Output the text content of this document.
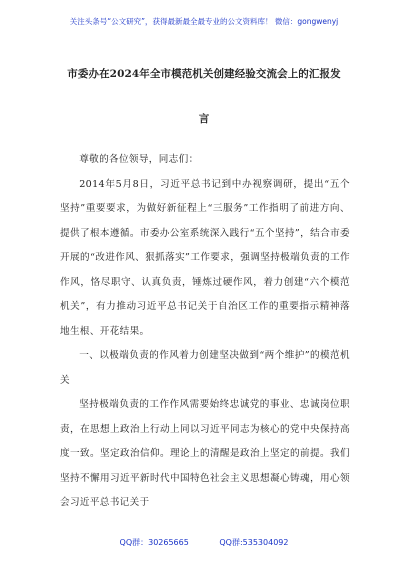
关注头条号“公文研究”，获得最新最全最专业的公文资料库！ 微信：gongwenyj
市委办在2024年全市模范机关创建经验交流会上的汇报发
言

尊敬的各位领导，同志们：

2014年5月8日，习近平总书记到中办视察调研，提出“五个坚持”重要要求，为做好新征程上“三服务”工作指明了前进方向、提供了根本遵循。市委办公室系统深入践行“五个坚持”，结合市委开展的“改进作风、狠抓落实”工作要求，强调坚持极端负责的工作作风，恪尽职守、认真负责，锤炼过硬作风，着力创建“六个模范机关”，有力推动习近平总书记关于自治区工作的重要指示精神落地生根、开花结果。

一、以极端负责的作风着力创建坚决做到“两个维护”的模范机关

坚持极端负责的工作作风需要始终忠诚党的事业、忠诚岗位职责，在思想上政治上行动上同以习近平同志为核心的党中央保持高度一致。坚定政治信仰。理论上的清醒是政治上坚定的前提。我们坚持不懈用习近平新时代中国特色社会主义思想凝心铸魂，用心领会习近平总书记关于

QQ群：30265665	QQ群:535304092
